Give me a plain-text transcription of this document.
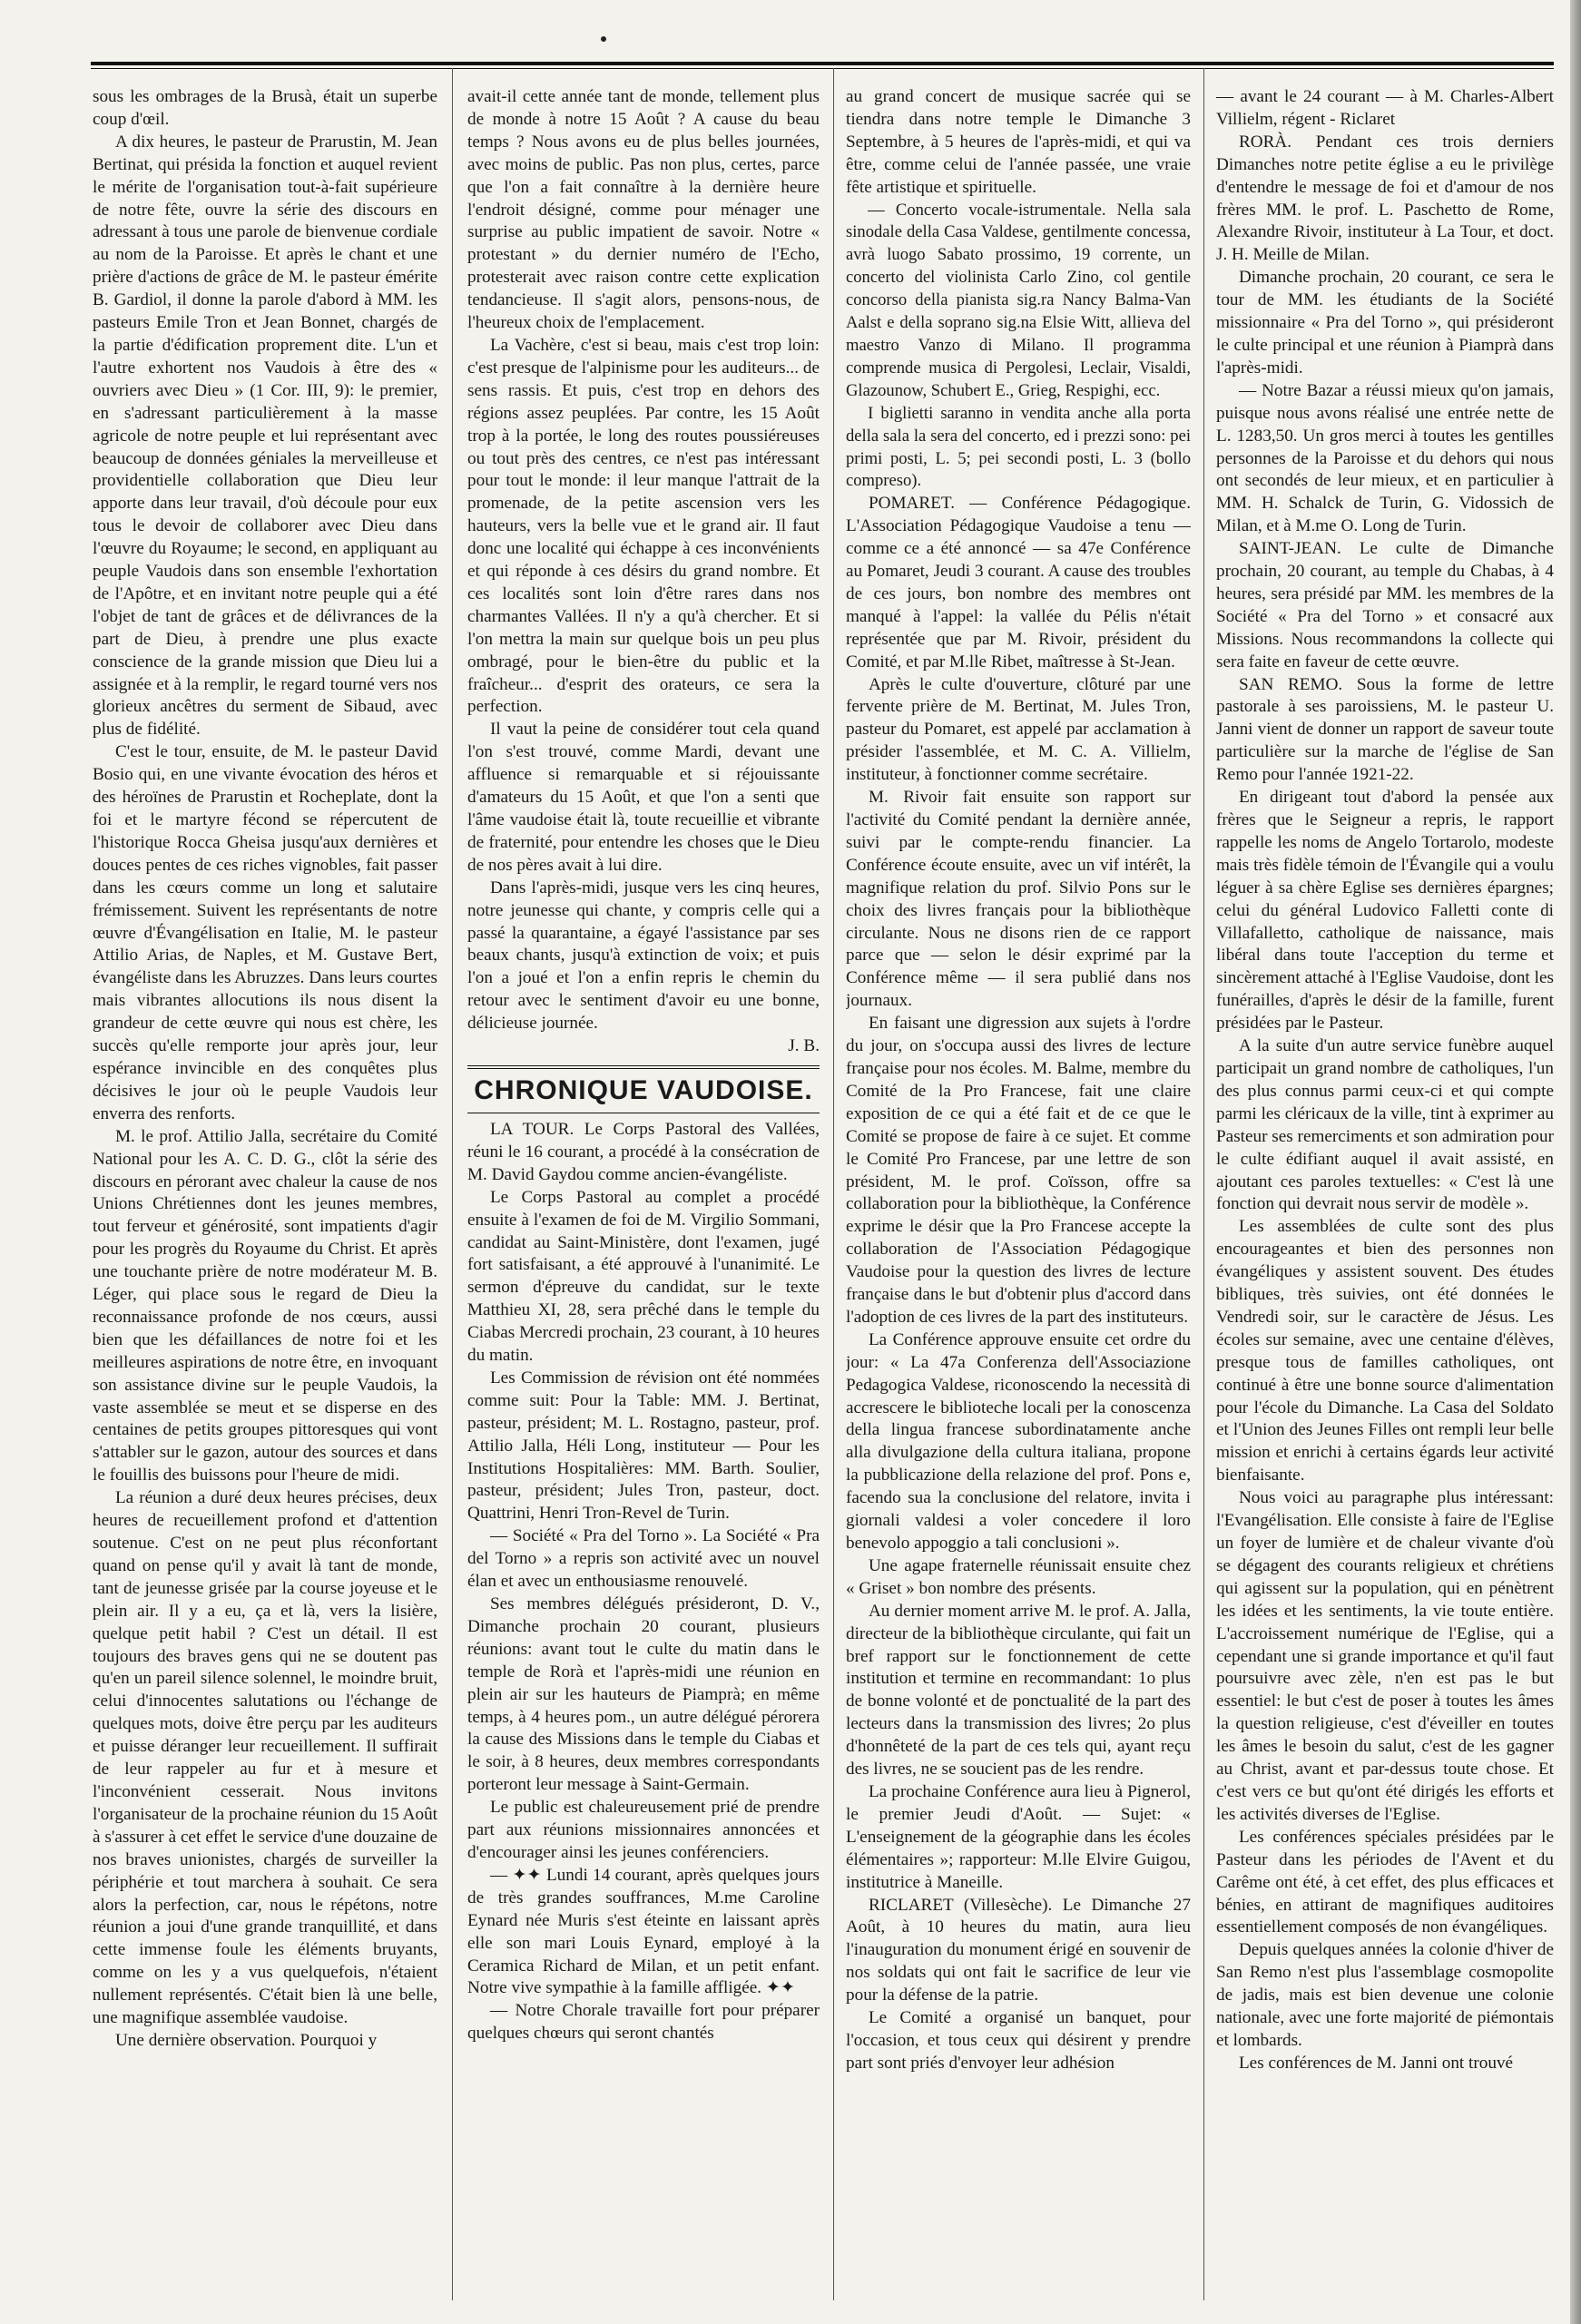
sous les ombrages de la Brusà, était un superbe coup d'œil.

A dix heures, le pasteur de Prarustin, M. Jean Bertinat, qui présida la fonction et auquel revient le mérite de l'organisation tout-à-fait supérieure de notre fête, ouvre la série des discours en adressant à tous une parole de bienvenue cordiale au nom de la Paroisse. Et après le chant et une prière d'actions de grâce de M. le pasteur émérite B. Gardiol, il donne la parole d'abord à MM. les pasteurs Emile Tron et Jean Bonnet, chargés de la partie d'édification proprement dite. L'un et l'autre exhortent nos Vaudois à être des « ouvriers avec Dieu » (1 Cor. III, 9): le premier, en s'adressant particulièrement à la masse agricole de notre peuple et lui représentant avec beaucoup de données géniales la merveilleuse et providentielle collaboration que Dieu leur apporte dans leur travail, d'où découle pour eux tous le devoir de collaborer avec Dieu dans l'œuvre du Royaume; le second, en appliquant au peuple Vaudois dans son ensemble l'exhortation de l'Apôtre, et en invitant notre peuple qui a été l'objet de tant de grâces et de délivrances de la part de Dieu, à prendre une plus exacte conscience de la grande mission que Dieu lui a assignée et à la remplir, le regard tourné vers nos glorieux ancêtres du serment de Sibaud, avec plus de fidélité.

C'est le tour, ensuite, de M. le pasteur David Bosio qui, en une vivante évocation des héros et des héroïnes de Prarustin et Rocheplate, dont la foi et le martyre fécond se répercutent de l'historique Rocca Gheisa jusqu'aux dernières et douces pentes de ces riches vignobles, fait passer dans les cœurs comme un long et salutaire frémissement. Suivent les représentants de notre œuvre d'Évangélisation en Italie, M. le pasteur Attilio Arias, de Naples, et M. Gustave Bert, évangéliste dans les Abruzzes. Dans leurs courtes mais vibrantes allocutions ils nous disent la grandeur de cette œuvre qui nous est chère, les succès qu'elle remporte jour après jour, leur espérance invincible en des conquêtes plus décisives le jour où le peuple Vaudois leur enverra des renforts.

M. le prof. Attilio Jalla, secrétaire du Comité National pour les A. C. D. G., clôt la série des discours en pérorant avec chaleur la cause de nos Unions Chrétiennes dont les jeunes membres, tout ferveur et générosité, sont impatients d'agir pour les progrès du Royaume du Christ. Et après une touchante prière de notre modérateur M. B. Léger, qui place sous le regard de Dieu la reconnaissance profonde de nos cœurs, aussi bien que les défaillances de notre foi et les meilleures aspirations de notre être, en invoquant son assistance divine sur le peuple Vaudois, la vaste assemblée se meut et se disperse en des centaines de petits groupes pittoresques qui vont s'attabler sur le gazon, autour des sources et dans le fouillis des buissons pour l'heure de midi.

La réunion a duré deux heures précises, deux heures de recueillement profond et d'attention soutenue. C'est on ne peut plus réconfortant quand on pense qu'il y avait là tant de monde, tant de jeunesse grisée par la course joyeuse et le plein air. Il y a eu, ça et là, vers la lisière, quelque petit habil ? C'est un détail. Il est toujours des braves gens qui ne se doutent pas qu'en un pareil silence solennel, le moindre bruit, celui d'innocentes salutations ou l'échange de quelques mots, doive être perçu par les auditeurs et puisse déranger leur recueillement. Il suffirait de leur rappeler au fur et à mesure et l'inconvénient cesserait. Nous invitons l'organisateur de la prochaine réunion du 15 Août à s'assurer à cet effet le service d'une douzaine de nos braves unionistes, chargés de surveiller la périphérie et tout marchera à souhait. Ce sera alors la perfection, car, nous le répétons, notre réunion a joui d'une grande tranquillité, et dans cette immense foule les éléments bruyants, comme on les y a vus quelquefois, n'étaient nullement représentés. C'était bien là une belle, une magnifique assemblée vaudoise.

Une dernière observation. Pourquoi y

avait-il cette année tant de monde, tellement plus de monde à notre 15 Août ? A cause du beau temps ? Nous avons eu de plus belles journées, avec moins de public. Pas non plus, certes, parce que l'on a fait connaître à la dernière heure l'endroit désigné, comme pour ménager une surprise au public impatient de savoir. Notre « protestant » du dernier numéro de l'Echo, protesterait avec raison contre cette explication tendancieuse. Il s'agit alors, pensons-nous, de l'heureux choix de l'emplacement.

La Vachère, c'est si beau, mais c'est trop loin: c'est presque de l'alpinisme pour les auditeurs... de sens rassis. Et puis, c'est trop en dehors des régions assez peuplées. Par contre, les 15 Août trop à la portée, le long des routes poussiéreuses ou tout près des centres, ce n'est pas intéressant pour tout le monde: il leur manque l'attrait de la promenade, de la petite ascension vers les hauteurs, vers la belle vue et le grand air. Il faut donc une localité qui échappe à ces inconvénients et qui réponde à ces désirs du grand nombre. Et ces localités sont loin d'être rares dans nos charmantes Vallées. Il n'y a qu'à chercher. Et si l'on mettra la main sur quelque bois un peu plus ombragé, pour le bien-être du public et la fraîcheur... d'esprit des orateurs, ce sera la perfection.

Il vaut la peine de considérer tout cela quand l'on s'est trouvé, comme Mardi, devant une affluence si remarquable et si réjouissante d'amateurs du 15 Août, et que l'on a senti que l'âme vaudoise était là, toute recueillie et vibrante de fraternité, pour entendre les choses que le Dieu de nos pères avait à lui dire.

Dans l'après-midi, jusque vers les cinq heures, notre jeunesse qui chante, y compris celle qui a passé la quarantaine, a égayé l'assistance par ses beaux chants, jusqu'à extinction de voix; et puis l'on a joué et l'on a enfin repris le chemin du retour avec le sentiment d'avoir eu une bonne, délicieuse journée.

J. B.

CHRONIQUE VAUDOISE.

LA TOUR. Le Corps Pastoral des Vallées, réuni le 16 courant, a procédé à la consécration de M. David Gaydou comme ancien-évangéliste.

Le Corps Pastoral au complet a procédé ensuite à l'examen de foi de M. Virgilio Sommani, candidat au Saint-Ministère, dont l'examen, jugé fort satisfaisant, a été approuvé à l'unanimité. Le sermon d'épreuve du candidat, sur le texte Matthieu XI, 28, sera prêché dans le temple du Ciabas Mercredi prochain, 23 courant, à 10 heures du matin.

Les Commission de révision ont été nommées comme suit: Pour la Table: MM. J. Bertinat, pasteur, président; M. L. Rostagno, pasteur, prof. Attilio Jalla, Héli Long, instituteur — Pour les Institutions Hospitalières: MM. Barth. Soulier, pasteur, président; Jules Tron, pasteur, doct. Quattrini, Henri Tron-Revel de Turin.

— Société « Pra del Torno ». La Société « Pra del Torno » a repris son activité avec un nouvel élan et avec un enthousiasme renouvelé.

Ses membres délégués présideront, D. V., Dimanche prochain 20 courant, plusieurs réunions: avant tout le culte du matin dans le temple de Rorà et l'après-midi une réunion en plein air sur les hauteurs de Piamprà; en même temps, à 4 heures pom., un autre délégué pérorera la cause des Missions dans le temple du Ciabas et le soir, à 8 heures, deux membres correspondants porteront leur message à Saint-Germain.

Le public est chaleureusement prié de prendre part aux réunions missionnaires annoncées et d'encourager ainsi les jeunes conférenciers.

— ✦✦ Lundi 14 courant, après quelques jours de très grandes souffrances, M.me Caroline Eynard née Muris s'est éteinte en laissant après elle son mari Louis Eynard, employé à la Ceramica Richard de Milan, et un petit enfant. Notre vive sympathie à la famille affligée. ✦✦

— Notre Chorale travaille fort pour préparer quelques chœurs qui seront chantés

au grand concert de musique sacrée qui se tiendra dans notre temple le Dimanche 3 Septembre, à 5 heures de l'après-midi, et qui va être, comme celui de l'année passée, une vraie fête artistique et spirituelle.

— Concerto vocale-istrumentale. Nella sala sinodale della Casa Valdese, gentilmente concessa, avrà luogo Sabato prossimo, 19 corrente, un concerto del violinista Carlo Zino, col gentile concorso della pianista sig.ra Nancy Balma-Van Aalst e della soprano sig.na Elsie Witt, allieva del maestro Vanzo di Milano. Il programma comprende musica di Pergolesi, Leclair, Visaldi, Glazounow, Schubert E., Grieg, Respighi, ecc.

I biglietti saranno in vendita anche alla porta della sala la sera del concerto, ed i prezzi sono: pei primi posti, L. 5; pei secondi posti, L. 3 (bollo compreso).

POMARET. — Conférence Pédagogique. L'Association Pédagogique Vaudoise a tenu — comme ce a été annoncé — sa 47e Conférence au Pomaret, Jeudi 3 courant. A cause des troubles de ces jours, bon nombre des membres ont manqué à l'appel: la vallée du Pélis n'était représentée que par M. Rivoir, président du Comité, et par M.lle Ribet, maîtresse à St-Jean.

Après le culte d'ouverture, clôturé par une fervente prière de M. Bertinat, M. Jules Tron, pasteur du Pomaret, est appelé par acclamation à présider l'assemblée, et M. C. A. Villielm, instituteur, à fonctionner comme secrétaire.

M. Rivoir fait ensuite son rapport sur l'activité du Comité pendant la dernière année, suivi par le compte-rendu financier. La Conférence écoute ensuite, avec un vif intérêt, la magnifique relation du prof. Silvio Pons sur le choix des livres français pour la bibliothèque circulante. Nous ne disons rien de ce rapport parce que — selon le désir exprimé par la Conférence même — il sera publié dans nos journaux.

En faisant une digression aux sujets à l'ordre du jour, on s'occupa aussi des livres de lecture française pour nos écoles. M. Balme, membre du Comité de la Pro Francese, fait une claire exposition de ce qui a été fait et de ce que le Comité se propose de faire à ce sujet. Et comme le Comité Pro Francese, par une lettre de son président, M. le prof. Coïsson, offre sa collaboration pour la bibliothèque, la Conférence exprime le désir que la Pro Francese accepte la collaboration de l'Association Pédagogique Vaudoise pour la question des livres de lecture française dans le but d'obtenir plus d'accord dans l'adoption de ces livres de la part des instituteurs.

La Conférence approuve ensuite cet ordre du jour: « La 47a Conferenza dell'Associazione Pedagogica Valdese, riconoscendo la necessità di accrescere le biblioteche locali per la conoscenza della lingua francese subordinatamente anche alla divulgazione della cultura italiana, propone la pubblicazione della relazione del prof. Pons e, facendo sua la conclusione del relatore, invita i giornali valdesi a voler concedere il loro benevolo appoggio a tali conclusioni ».

Une agape fraternelle réunissait ensuite chez « Griset » bon nombre des présents.

Au dernier moment arrive M. le prof. A. Jalla, directeur de la bibliothèque circulante, qui fait un bref rapport sur le fonctionnement de cette institution et termine en recommandant: 1o plus de bonne volonté et de ponctualité de la part des lecteurs dans la transmission des livres; 2o plus d'honnêteté de la part de ces tels qui, ayant reçu des livres, ne se soucient pas de les rendre.

La prochaine Conférence aura lieu à Pignerol, le premier Jeudi d'Août. — Sujet: « L'enseignement de la géographie dans les écoles élémentaires »; rapporteur: M.lle Elvire Guigou, institutrice à Maneille.

RICLARET (Villesèche). Le Dimanche 27 Août, à 10 heures du matin, aura lieu l'inauguration du monument érigé en souvenir de nos soldats qui ont fait le sacrifice de leur vie pour la défense de la patrie.

Le Comité a organisé un banquet, pour l'occasion, et tous ceux qui désirent y prendre part sont priés d'envoyer leur adhésion

— avant le 24 courant — à M. Charles-Albert Villielm, régent - Riclaret

RORÀ. Pendant ces trois derniers Dimanches notre petite église a eu le privilège d'entendre le message de foi et d'amour de nos frères MM. le prof. L. Paschetto de Rome, Alexandre Rivoir, instituteur à La Tour, et doct. J. H. Meille de Milan.

Dimanche prochain, 20 courant, ce sera le tour de MM. les étudiants de la Société missionnaire « Pra del Torno », qui présideront le culte principal et une réunion à Piamprà dans l'après-midi.

— Notre Bazar a réussi mieux qu'on jamais, puisque nous avons réalisé une entrée nette de L. 1283,50. Un gros merci à toutes les gentilles personnes de la Paroisse et du dehors qui nous ont secondés de leur mieux, et en particulier à MM. H. Schalck de Turin, G. Vidossich de Milan, et à M.me O. Long de Turin.

SAINT-JEAN. Le culte de Dimanche prochain, 20 courant, au temple du Chabas, à 4 heures, sera présidé par MM. les membres de la Société « Pra del Torno » et consacré aux Missions. Nous recommandons la collecte qui sera faite en faveur de cette œuvre.

SAN REMO. Sous la forme de lettre pastorale à ses paroissiens, M. le pasteur U. Janni vient de donner un rapport de saveur toute particulière sur la marche de l'église de San Remo pour l'année 1921-22.

En dirigeant tout d'abord la pensée aux frères que le Seigneur a repris, le rapport rappelle les noms de Angelo Tortarolo, modeste mais très fidèle témoin de l'Évangile qui a voulu léguer à sa chère Eglise ses dernières épargnes; celui du général Ludovico Falletti conte di Villafalletto, catholique de naissance, mais libéral dans toute l'acception du terme et sincèrement attaché à l'Eglise Vaudoise, dont les funérailles, d'après le désir de la famille, furent présidées par le Pasteur.

A la suite d'un autre service funèbre auquel participait un grand nombre de catholiques, l'un des plus connus parmi ceux-ci et qui compte parmi les cléricaux de la ville, tint à exprimer au Pasteur ses remerciments et son admiration pour le culte édifiant auquel il avait assisté, en ajoutant ces paroles textuelles: « C'est là une fonction qui devrait nous servir de modèle ».

Les assemblées de culte sont des plus encourageantes et bien des personnes non évangéliques y assistent souvent. Des études bibliques, très suivies, ont été données le Vendredi soir, sur le caractère de Jésus. Les écoles sur semaine, avec une centaine d'élèves, presque tous de familles catholiques, ont continué à être une bonne source d'alimentation pour l'école du Dimanche. La Casa del Soldato et l'Union des Jeunes Filles ont rempli leur belle mission et enrichi à certains égards leur activité bienfaisante.

Nous voici au paragraphe plus intéressant: l'Evangélisation. Elle consiste à faire de l'Eglise un foyer de lumière et de chaleur vivante d'où se dégagent des courants religieux et chrétiens qui agissent sur la population, qui en pénètrent les idées et les sentiments, la vie toute entière. L'accroissement numérique de l'Eglise, qui a cependant une si grande importance et qu'il faut poursuivre avec zèle, n'en est pas le but essentiel: le but c'est de poser à toutes les âmes la question religieuse, c'est d'éveiller en toutes les âmes le besoin du salut, c'est de les gagner au Christ, avant et par-dessus toute chose. Et c'est vers ce but qu'ont été dirigés les efforts et les activités diverses de l'Eglise.

Les conférences spéciales présidées par le Pasteur dans les périodes de l'Avent et du Carême ont été, à cet effet, des plus efficaces et bénies, en attirant de magnifiques auditoires essentiellement composés de non évangéliques.

Depuis quelques années la colonie d'hiver de San Remo n'est plus l'assemblage cosmopolite de jadis, mais est bien devenue une colonie nationale, avec une forte majorité de piémontais et lombards.

Les conférences de M. Janni ont trouvé
